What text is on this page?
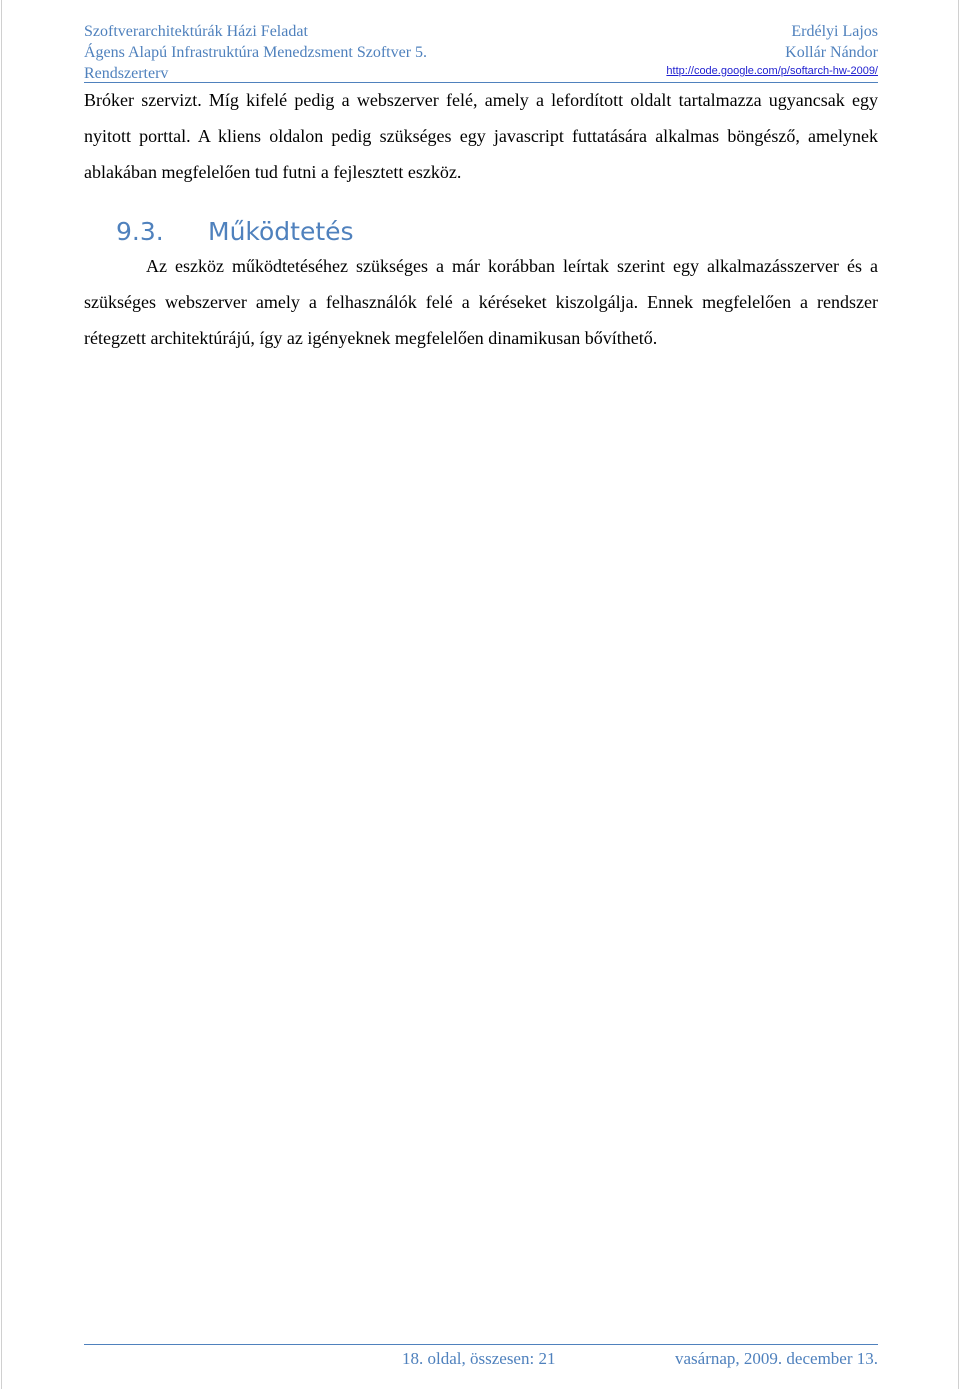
Szoftverarchitektúrák Házi Feladat
Ágens Alapú Infrastruktúra Menedzsment Szoftver 5.
Rendszerterv
Erdélyi Lajos
Kollár Nándor
http://code.google.com/p/softarch-hw-2009/
Bróker szervizt. Míg kifelé pedig a webszerver felé, amely a lefordított oldalt tartalmazza ugyancsak egy nyitott porttal. A kliens oldalon pedig szükséges egy javascript futtatására alkalmas böngésző, amelynek ablakában megfelelően tud futni a fejlesztett eszköz.
9.3. Működtetés
Az eszköz működtetéséhez szükséges a már korábban leírtak szerint egy alkalmazásszerver és a szükséges webszerver amely a felhasználók felé a kéréseket kiszolgálja. Ennek megfelelően a rendszer rétegzett architektúrájú, így az igényeknek megfelelően dinamikusan bővíthető.
18. oldal, összesen: 21	vasárnap, 2009. december 13.
